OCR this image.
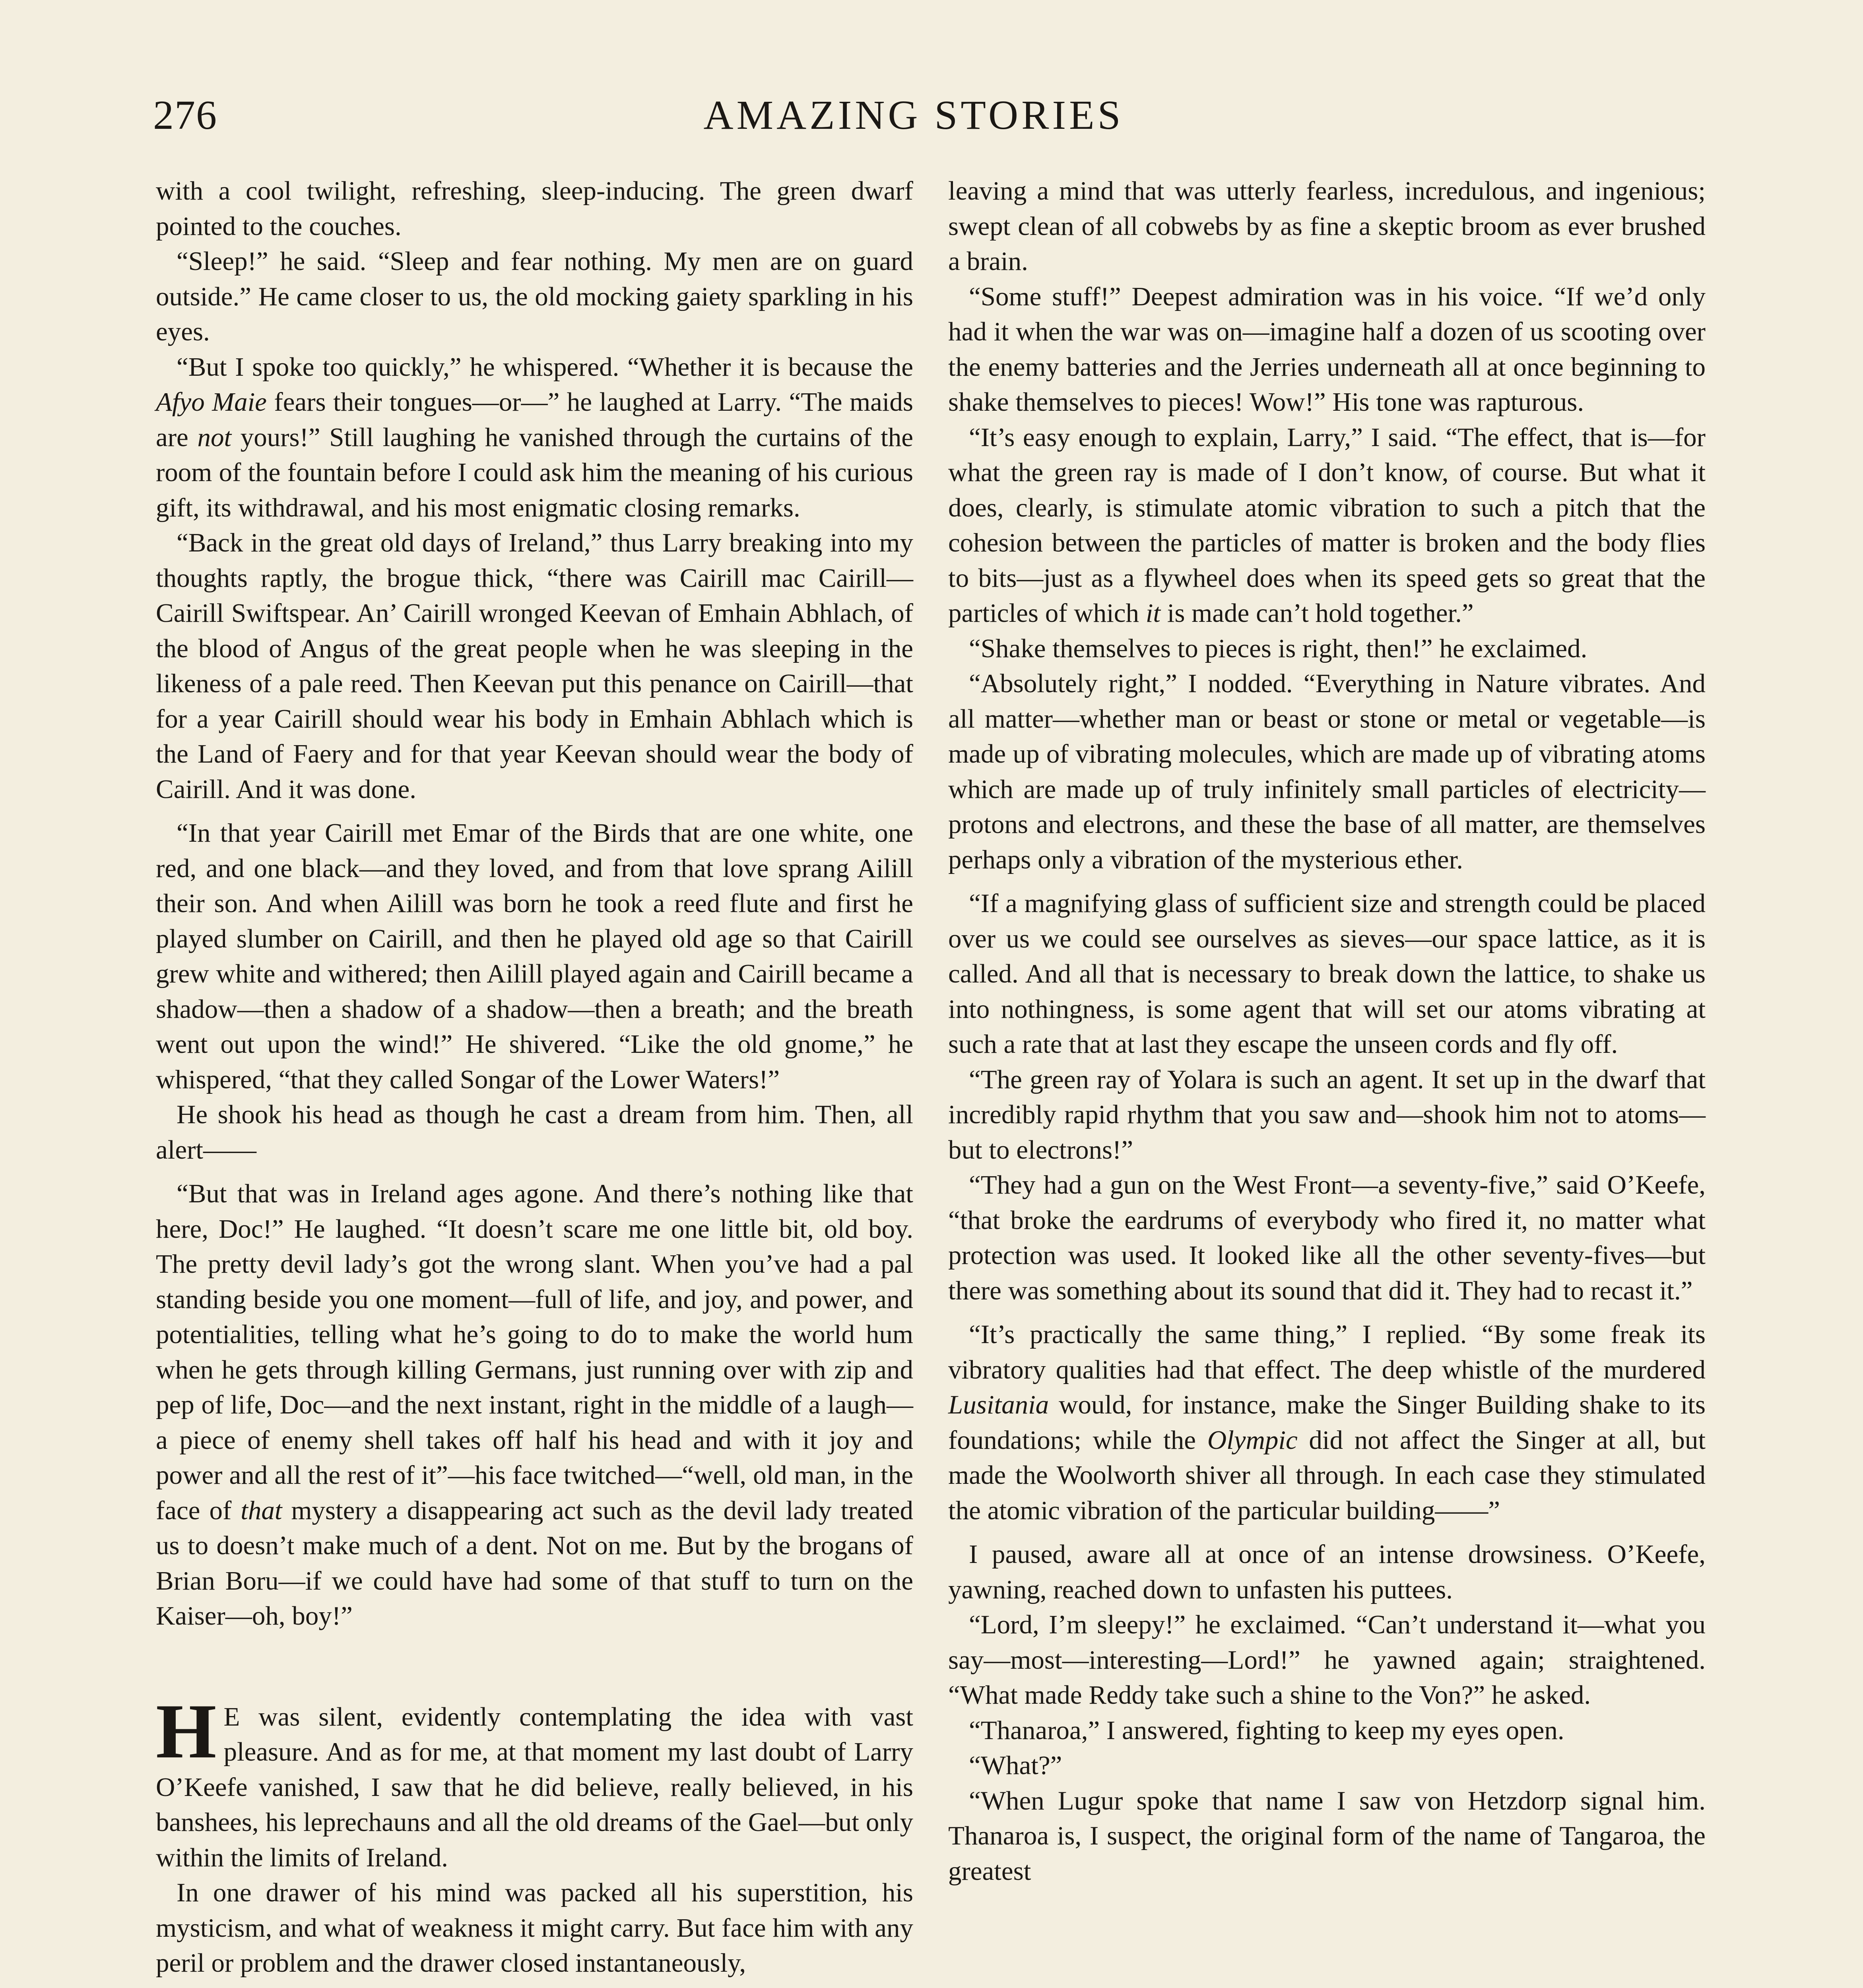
276	AMAZING STORIES

with a cool twilight, refreshing, sleep-inducing. The green dwarf pointed to the couches.

“Sleep!” he said. “Sleep and fear nothing. My men are on guard outside.” He came closer to us, the old mocking gaiety sparkling in his eyes.

“But I spoke too quickly,” he whispered. “Whether it is because the Afyo Maie fears their tongues—or—” he laughed at Larry. “The maids are not yours!” Still laughing he vanished through the curtains of the room of the fountain before I could ask him the meaning of his curious gift, its withdrawal, and his most enigmatic closing remarks.

“Back in the great old days of Ireland,” thus Larry breaking into my thoughts raptly, the brogue thick, “there was Cairill mac Cairill—Cairill Swiftspear. An’ Cairill wronged Keevan of Emhain Abhlach, of the blood of Angus of the great people when he was sleeping in the likeness of a pale reed. Then Keevan put this penance on Cairill—that for a year Cairill should wear his body in Emhain Abhlach which is the Land of Faery and for that year Keevan should wear the body of Cairill. And it was done.

“In that year Cairill met Emar of the Birds that are one white, one red, and one black—and they loved, and from that love sprang Ailill their son. And when Ailill was born he took a reed flute and first he played slumber on Cairill, and then he played old age so that Cairill grew white and withered; then Ailill played again and Cairill became a shadow—then a shadow of a shadow—then a breath; and the breath went out upon the wind!” He shivered. “Like the old gnome,” he whispered, “that they called Songar of the Lower Waters!”

He shook his head as though he cast a dream from him. Then, all alert——

“But that was in Ireland ages agone. And there’s nothing like that here, Doc!” He laughed. “It doesn’t scare me one little bit, old boy. The pretty devil lady’s got the wrong slant. When you’ve had a pal standing beside you one moment—full of life, and joy, and power, and potentialities, telling what he’s going to do to make the world hum when he gets through killing Germans, just running over with zip and pep of life, Doc—and the next instant, right in the middle of a laugh—a piece of enemy shell takes off half his head and with it joy and power and all the rest of it”—his face twitched—“well, old man, in the face of that mystery a disappearing act such as the devil lady treated us to doesn’t make much of a dent. Not on me. But by the brogans of Brian Boru—if we could have had some of that stuff to turn on the Kaiser—oh, boy!”

H E was silent, evidently contemplating the idea with vast pleasure. And as for me, at that moment my last doubt of Larry O’Keefe vanished, I saw that he did believe, really believed, in his banshees, his leprechauns and all the old dreams of the Gael—but only within the limits of Ireland.

In one drawer of his mind was packed all his superstition, his mysticism, and what of weakness it might carry. But face him with any peril or problem and the drawer closed instantaneously,

leaving a mind that was utterly fearless, incredulous, and ingenious; swept clean of all cobwebs by as fine a skeptic broom as ever brushed a brain.

“Some stuff!” Deepest admiration was in his voice. “If we’d only had it when the war was on—imagine half a dozen of us scooting over the enemy batteries and the Jerries underneath all at once beginning to shake themselves to pieces! Wow!” His tone was rapturous.

“It’s easy enough to explain, Larry,” I said. “The effect, that is—for what the green ray is made of I don’t know, of course. But what it does, clearly, is stimulate atomic vibration to such a pitch that the cohesion between the particles of matter is broken and the body flies to bits—just as a flywheel does when its speed gets so great that the particles of which it is made can’t hold together.”

“Shake themselves to pieces is right, then!” he exclaimed.

“Absolutely right,” I nodded. “Everything in Nature vibrates. And all matter—whether man or beast or stone or metal or vegetable—is made up of vibrating molecules, which are made up of vibrating atoms which are made up of truly infinitely small particles of electricity—protons and electrons, and these the base of all matter, are themselves perhaps only a vibration of the mysterious ether.

“If a magnifying glass of sufficient size and strength could be placed over us we could see ourselves as sieves—our space lattice, as it is called. And all that is necessary to break down the lattice, to shake us into nothingness, is some agent that will set our atoms vibrating at such a rate that at last they escape the unseen cords and fly off.

“The green ray of Yolara is such an agent. It set up in the dwarf that incredibly rapid rhythm that you saw and—shook him not to atoms—but to electrons!”

“They had a gun on the West Front—a seventy-five,” said O’Keefe, “that broke the eardrums of everybody who fired it, no matter what protection was used. It looked like all the other seventy-fives—but there was something about its sound that did it. They had to recast it.”

“It’s practically the same thing,” I replied. “By some freak its vibratory qualities had that effect. The deep whistle of the murdered Lusitania would, for instance, make the Singer Building shake to its foundations; while the Olympic did not affect the Singer at all, but made the Woolworth shiver all through. In each case they stimulated the atomic vibration of the particular building——”

I paused, aware all at once of an intense drowsiness. O’Keefe, yawning, reached down to unfasten his puttees.

“Lord, I’m sleepy!” he exclaimed. “Can’t understand it—what you say—most—interesting—Lord!” he yawned again; straightened. “What made Reddy take such a shine to the Von?” he asked.

“Thanaroa,” I answered, fighting to keep my eyes open.

“What?”

“When Lugur spoke that name I saw von Hetzdorp signal him. Thanaroa is, I suspect, the original form of the name of Tangaroa, the greatest
